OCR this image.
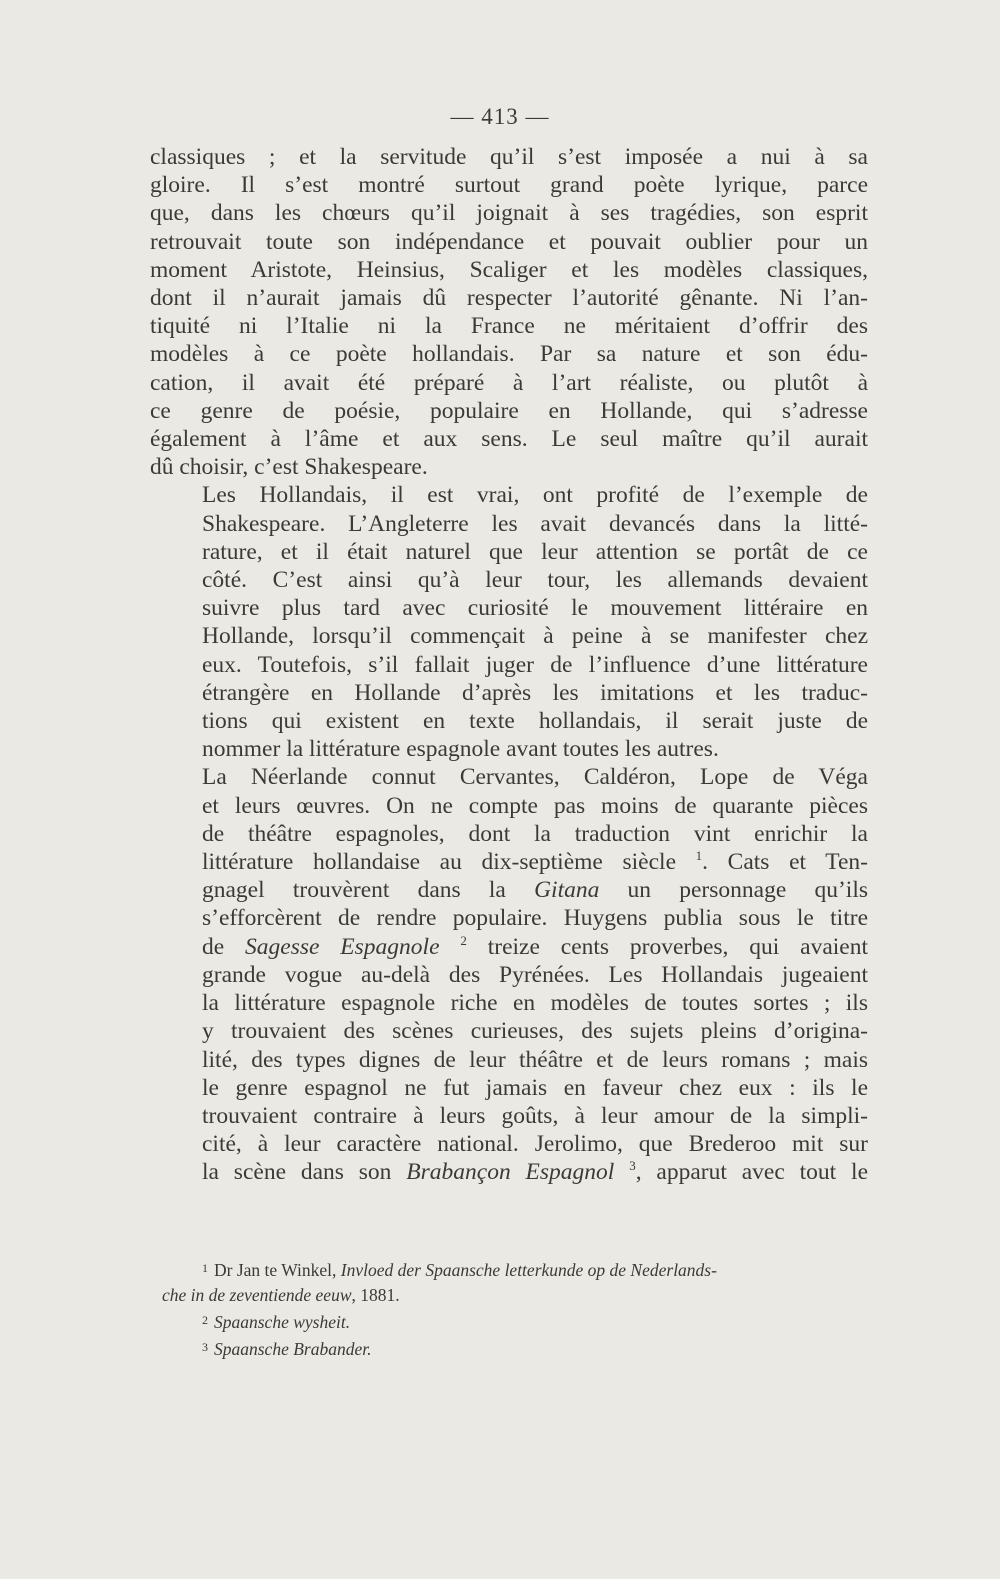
— 413 —

classiques ; et la servitude qu’il s’est imposée a nui à sa
gloire. Il s’est montré surtout grand poète lyrique, parce
que, dans les chœurs qu’il joignait à ses tragédies, son esprit
retrouvait toute son indépendance et pouvait oublier pour un
moment Aristote, Heinsius, Scaliger et les modèles classiques,
dont il n’aurait jamais dû respecter l’autorité gênante. Ni l’an-
tiquité ni l’Italie ni la France ne méritaient d’offrir des
modèles à ce poète hollandais. Par sa nature et son édu-
cation, il avait été préparé à l’art réaliste, ou plutôt à
ce genre de poésie, populaire en Hollande, qui s’adresse
également à l’âme et aux sens. Le seul maître qu’il aurait
dû choisir, c’est Shakespeare.

Les Hollandais, il est vrai, ont profité de l’exemple de
Shakespeare. L’Angleterre les avait devancés dans la litté-
rature, et il était naturel que leur attention se portât de ce
côté. C’est ainsi qu’à leur tour, les allemands devaient
suivre plus tard avec curiosité le mouvement littéraire en
Hollande, lorsqu’il commençait à peine à se manifester chez
eux. Toutefois, s’il fallait juger de l’influence d’une littérature
étrangère en Hollande d’après les imitations et les traduc-
tions qui existent en texte hollandais, il serait juste de
nommer la littérature espagnole avant toutes les autres.

La Néerlande connut Cervantes, Caldéron, Lope de Véga
et leurs œuvres. On ne compte pas moins de quarante pièces
de théâtre espagnoles, dont la traduction vint enrichir la
littérature hollandaise au dix-septième siècle $^1$. Cats et Ten-
gnagel trouvèrent dans la Gitana un personnage qu’ils
s’efforcèrent de rendre populaire. Huygens publia sous le titre
de Sagesse Espagnole $^2$ treize cents proverbes, qui avaient
grande vogue au-delà des Pyrénées. Les Hollandais jugeaient
la littérature espagnole riche en modèles de toutes sortes ; ils
y trouvaient des scènes curieuses, des sujets pleins d’origina-
lité, des types dignes de leur théâtre et de leurs romans ; mais
le genre espagnol ne fut jamais en faveur chez eux : ils le
trouvaient contraire à leurs goûts, à leur amour de la simpli-
cité, à leur caractère national. Jerolimo, que Brederoo mit sur
la scène dans son Brabançon Espagnol $^3$, apparut avec tout le

$^1$ Dr Jan te Winkel, Invloed der Spaansche letterkunde op de Nederlands-
che in de zeventiende eeuw, 1881.
$^2$ Spaansche wysheit.
$^3$ Spaansche Brabander.
